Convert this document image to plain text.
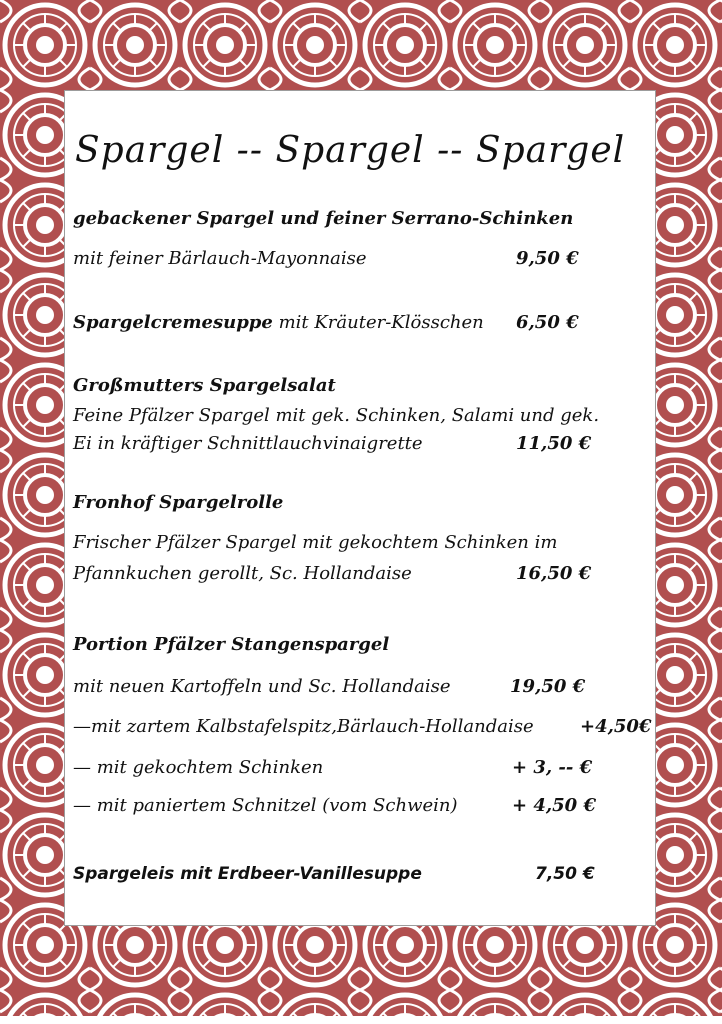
Spargel -- Spargel -- Spargel
gebackener Spargel und feiner Serrano-Schinken
mit feiner Bärlauch-Mayonnaise	9,50 €
Spargelcremesuppe mit Kräuter-Klösschen 6,50 €
Großmutters Spargelsalat
Feine Pfälzer Spargel mit gek. Schinken, Salami und gek.
Ei in kräftiger Schnittlauchvinaigrette	11,50 €
Fronhof Spargelrolle
Frischer Pfälzer Spargel mit gekochtem Schinken im
Pfannkuchen gerollt, Sc. Hollandaise	16,50 €
Portion Pfälzer Stangenspargel
mit neuen Kartoffeln und Sc. Hollandaise	19,50 €
—mit zartem Kalbstafelspitz,Bärlauch-Hollandaise	+4,50€
— mit gekochtem Schinken	+ 3, -- €
— mit paniertem Schnitzel (vom Schwein)	+ 4,50 €
Spargeleis mit Erdbeer-Vanillesuppe	7,50 €
